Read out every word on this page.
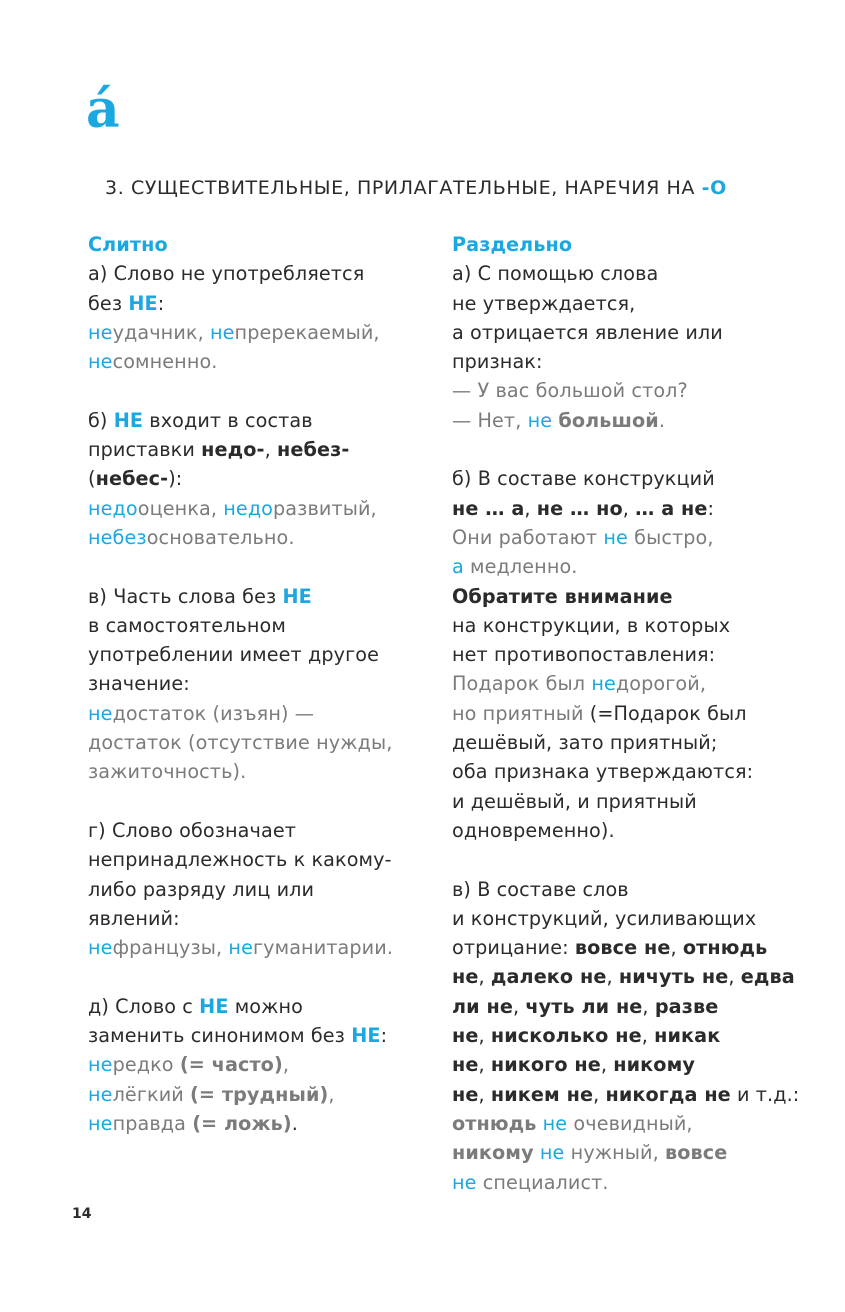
á
3. СУЩЕСТВИТЕЛЬНЫЕ, ПРИЛАГАТЕЛЬНЫЕ, НАРЕЧИЯ НА -О

Слитно

а) Слово не употребляется

без НЕ:

неудачник, непререкаемый,

несомненно.

б) НЕ входит в состав

приставки недо-, небез-

(небес-):

недооценка, недоразвитый,

небезосновательно.

в) Часть слова без НЕ

в самостоятельном

употреблении имеет другое

значение:

недостаток (изъян) —

достаток (отсутствие нужды,

зажиточность).

г) Слово обозначает

непринадлежность к какому-

либо разряду лиц или

явлений:

нефранцузы, негуманитарии.

д) Слово с НЕ можно

заменить синонимом без НЕ:

нередко (= часто),

нелёгкий (= трудный),

неправда (= ложь).

Раздельно

а) С помощью слова

не утверждается,

а отрицается явление или

признак:

— У вас большой стол?

— Нет, не большой.

б) В составе конструкций

не … а, не … но, … а не:

Они работают не быстро,

а медленно.

Обратите внимание

на конструкции, в которых

нет противопоставления:

Подарок был недорогой,

но приятный (=Подарок был

дешёвый, зато приятный;

оба признака утверждаются:

и дешёвый, и приятный

одновременно).

в) В составе слов

и конструкций, усиливающих

отрицание: вовсе не, отнюдь

не, далеко не, ничуть не, едва

ли не, чуть ли не, разве

не, нисколько не, никак

не, никого не, никому

не, никем не, никогда не и т.д.:

отнюдь не очевидный,

никому не нужный, вовсе

не специалист.

14
